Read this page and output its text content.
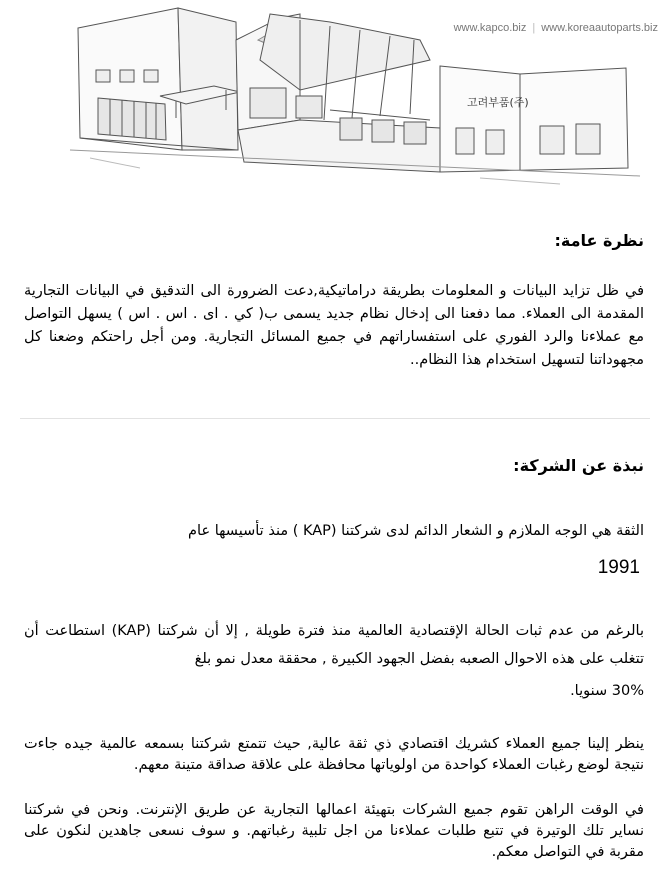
www.kapco.biz | www.koreaautoparts.biz
고려부품(주)
نظرة عامة:
في ظل تزايد البيانات و المعلومات بطريقة دراماتيكية,دعت الضرورة الى التدقيق في البيانات التجارية المقدمة الى العملاء. مما دفعنا الى إدخال نظام جديد يسمى ب( كي . اى . اس . اس ) يسهل التواصل مع عملاءنا والرد الفوري على استفساراتهم في جميع المسائل التجارية. ومن أجل راحتكم وضعنا كل مجهوداتنا لتسهيل استخدام هذا النظام..
نبذة عن الشركة:
الثقة هي الوجه الملازم و الشعار الدائم لدى شركتنا (KAP ) منذ تأسيسها عام
1991
بالرغم من عدم ثبات الحالة الإقتصادية العالمية منذ فترة طويلة , إلا أن شركتنا (KAP) استطاعت أن تتغلب على هذه الاحوال الصعبه بفضل الجهود الكبيرة , محققة معدل نمو بلغ
30% سنويا.
ينظر إلينا جميع العملاء كشريك اقتصادي ذي ثقة عالية, حيث تتمتع شركتنا بسمعه عالمية جيده جاءت نتيجة لوضع رغبات العملاء كواحدة من اولوياتها محافظة على علاقة صداقة متينة معهم.
في الوقت الراهن تقوم جميع الشركات بتهيئة اعمالها التجارية عن طريق الإنترنت. ونحن في شركتنا نساير تلك الوتيرة في تتبع طلبات عملاءنا من اجل تلبية رغباتهم. و سوف نسعى جاهدين لنكون على مقربة في التواصل معكم.
